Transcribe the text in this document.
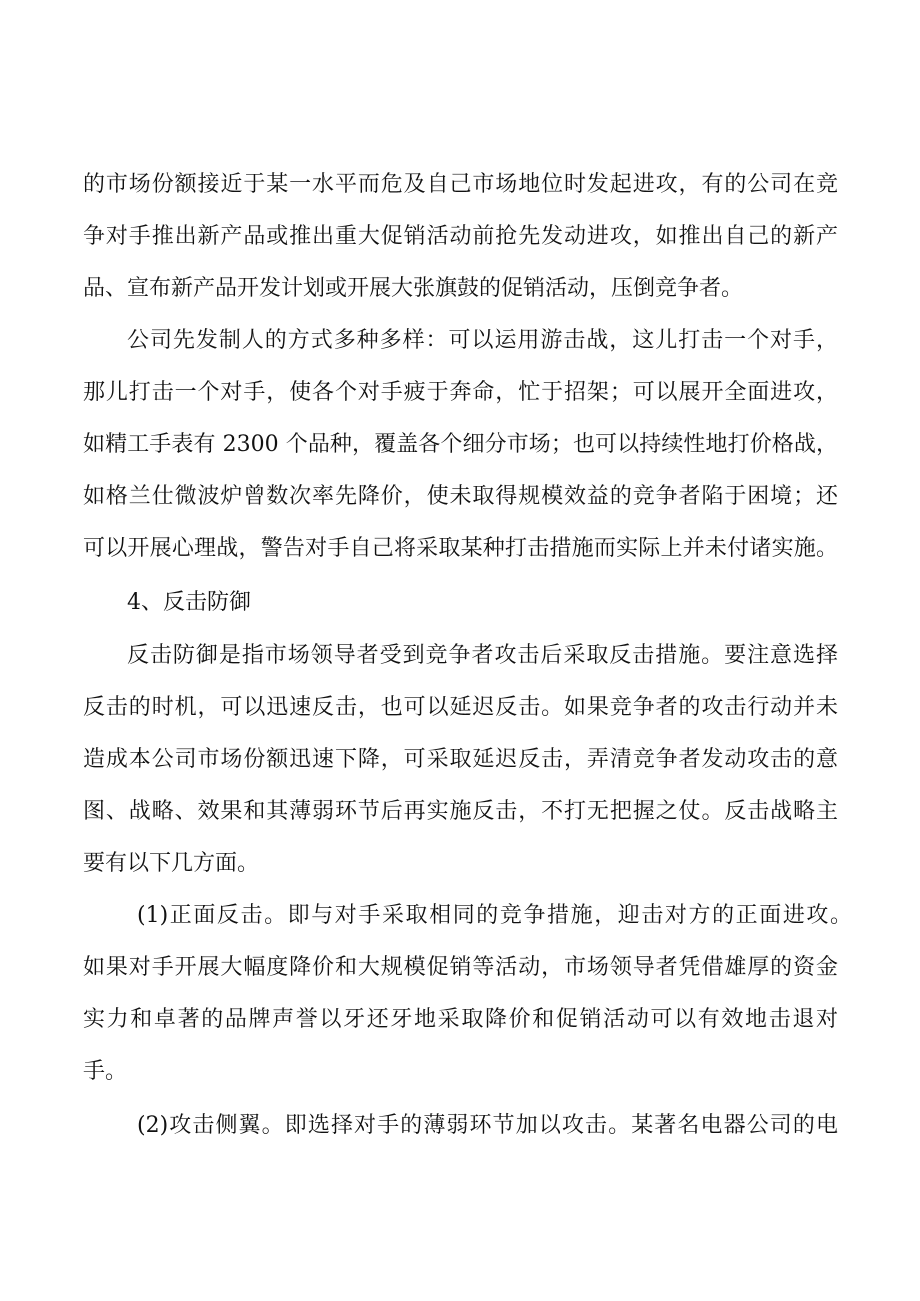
的市场份额接近于某一水平而危及自己市场地位时发起进攻，有的公司在竞

争对手推出新产品或推出重大促销活动前抢先发动进攻，如推出自己的新产

品、宣布新产品开发计划或开展大张旗鼓的促销活动，压倒竞争者。

公司先发制人的方式多种多样：可以运用游击战，这儿打击一个对手，

那儿打击一个对手，使各个对手疲于奔命，忙于招架；可以展开全面进攻，

如精工手表有 2300 个品种，覆盖各个细分市场；也可以持续性地打价格战，

如格兰仕微波炉曾数次率先降价，使未取得规模效益的竞争者陷于困境；还

可以开展心理战，警告对手自己将采取某种打击措施而实际上并未付诸实施。

4、反击防御

反击防御是指市场领导者受到竞争者攻击后采取反击措施。要注意选择

反击的时机，可以迅速反击，也可以延迟反击。如果竞争者的攻击行动并未

造成本公司市场份额迅速下降，可采取延迟反击，弄清竞争者发动攻击的意

图、战略、效果和其薄弱环节后再实施反击，不打无把握之仗。反击战略主

要有以下几方面。

(1)正面反击。即与对手采取相同的竞争措施，迎击对方的正面进攻。

如果对手开展大幅度降价和大规模促销等活动，市场领导者凭借雄厚的资金

实力和卓著的品牌声誉以牙还牙地采取降价和促销活动可以有效地击退对

手。

(2)攻击侧翼。即选择对手的薄弱环节加以攻击。某著名电器公司的电
